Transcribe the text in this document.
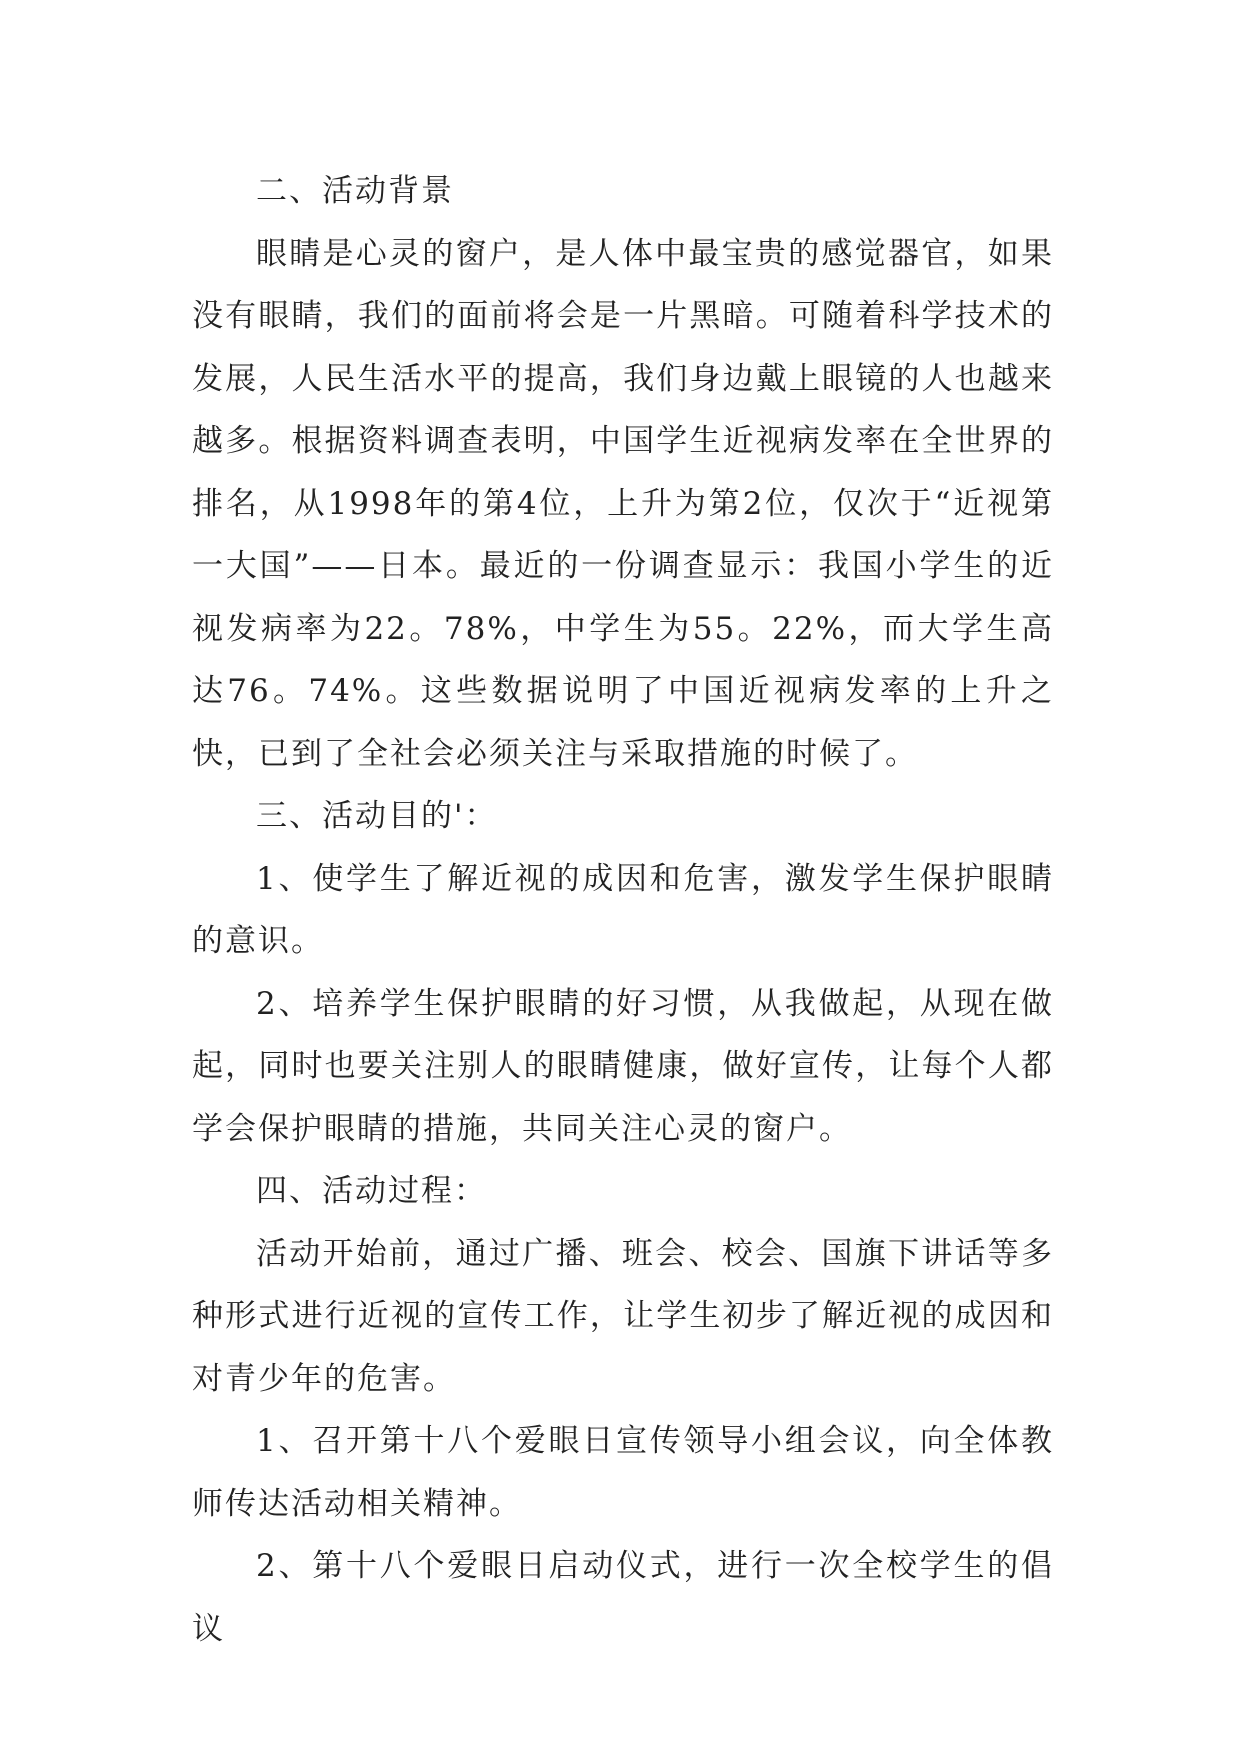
二、活动背景

眼睛是心灵的窗户，是人体中最宝贵的感觉器官，如果没有眼睛，我们的面前将会是一片黑暗。可随着科学技术的发展，人民生活水平的提高，我们身边戴上眼镜的人也越来越多。根据资料调查表明，中国学生近视病发率在全世界的排名，从1998年的第4位，上升为第2位，仅次于“近视第一大国”——日本。最近的一份调查显示：我国小学生的近视发病率为22。78%，中学生为55。22%，而大学生高达76。74%。这些数据说明了中国近视病发率的上升之快，已到了全社会必须关注与采取措施的时候了。

三、活动目的'：

1、使学生了解近视的成因和危害，激发学生保护眼睛的意识。

2、培养学生保护眼睛的好习惯，从我做起，从现在做起，同时也要关注别人的眼睛健康，做好宣传，让每个人都学会保护眼睛的措施，共同关注心灵的窗户。

四、活动过程：

活动开始前，通过广播、班会、校会、国旗下讲话等多种形式进行近视的宣传工作，让学生初步了解近视的成因和对青少年的危害。

1、召开第十八个爱眼日宣传领导小组会议，向全体教师传达活动相关精神。

2、第十八个爱眼日启动仪式，进行一次全校学生的倡议
